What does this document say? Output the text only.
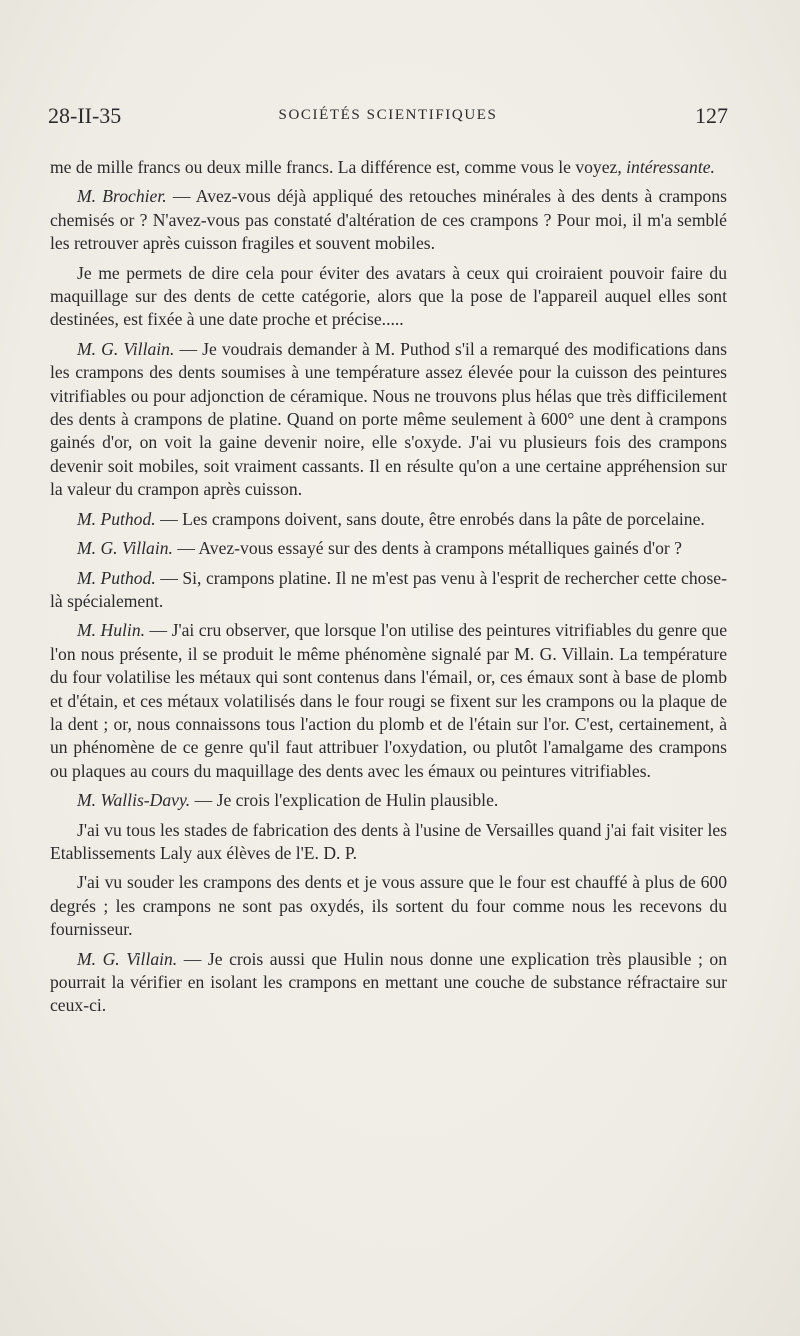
28-II-35	SOCIÉTÉS SCIENTIFIQUES	127

me de mille francs ou deux mille francs. La différence est, comme vous le voyez, intéressante.

M. Brochier. — Avez-vous déjà appliqué des retouches minérales à des dents à crampons chemisés or ? N'avez-vous pas constaté d'altération de ces crampons ? Pour moi, il m'a semblé les retrouver après cuisson fragiles et souvent mobiles.

Je me permets de dire cela pour éviter des avatars à ceux qui croiraient pouvoir faire du maquillage sur des dents de cette catégorie, alors que la pose de l'appareil auquel elles sont destinées, est fixée à une date proche et précise.....

M. G. Villain. — Je voudrais demander à M. Puthod s'il a remarqué des modifications dans les crampons des dents soumises à une température assez élevée pour la cuisson des peintures vitrifiables ou pour adjonction de céramique. Nous ne trouvons plus hélas que très difficilement des dents à crampons de platine. Quand on porte même seulement à 600° une dent à crampons gainés d'or, on voit la gaine devenir noire, elle s'oxyde. J'ai vu plusieurs fois des crampons devenir soit mobiles, soit vraiment cassants. Il en résulte qu'on a une certaine appréhension sur la valeur du crampon après cuisson.

M. Puthod. — Les crampons doivent, sans doute, être enrobés dans la pâte de porcelaine.

M. G. Villain. — Avez-vous essayé sur des dents à crampons métalliques gainés d'or ?

M. Puthod. — Si, crampons platine. Il ne m'est pas venu à l'esprit de rechercher cette chose-là spécialement.

M. Hulin. — J'ai cru observer, que lorsque l'on utilise des peintures vitrifiables du genre que l'on nous présente, il se produit le même phénomène signalé par M. G. Villain. La température du four volatilise les métaux qui sont contenus dans l'émail, or, ces émaux sont à base de plomb et d'étain, et ces métaux volatilisés dans le four rougi se fixent sur les crampons ou la plaque de la dent ; or, nous connaissons tous l'action du plomb et de l'étain sur l'or. C'est, certainement, à un phénomène de ce genre qu'il faut attribuer l'oxydation, ou plutôt l'amalgame des crampons ou plaques au cours du maquillage des dents avec les émaux ou peintures vitrifiables.

M. Wallis-Davy. — Je crois l'explication de Hulin plausible.

J'ai vu tous les stades de fabrication des dents à l'usine de Versailles quand j'ai fait visiter les Etablissements Laly aux élèves de l'E. D. P.

J'ai vu souder les crampons des dents et je vous assure que le four est chauffé à plus de 600 degrés ; les crampons ne sont pas oxydés, ils sortent du four comme nous les recevons du fournisseur.

M. G. Villain. — Je crois aussi que Hulin nous donne une explication très plausible ; on pourrait la vérifier en isolant les crampons en mettant une couche de substance réfractaire sur ceux-ci.
